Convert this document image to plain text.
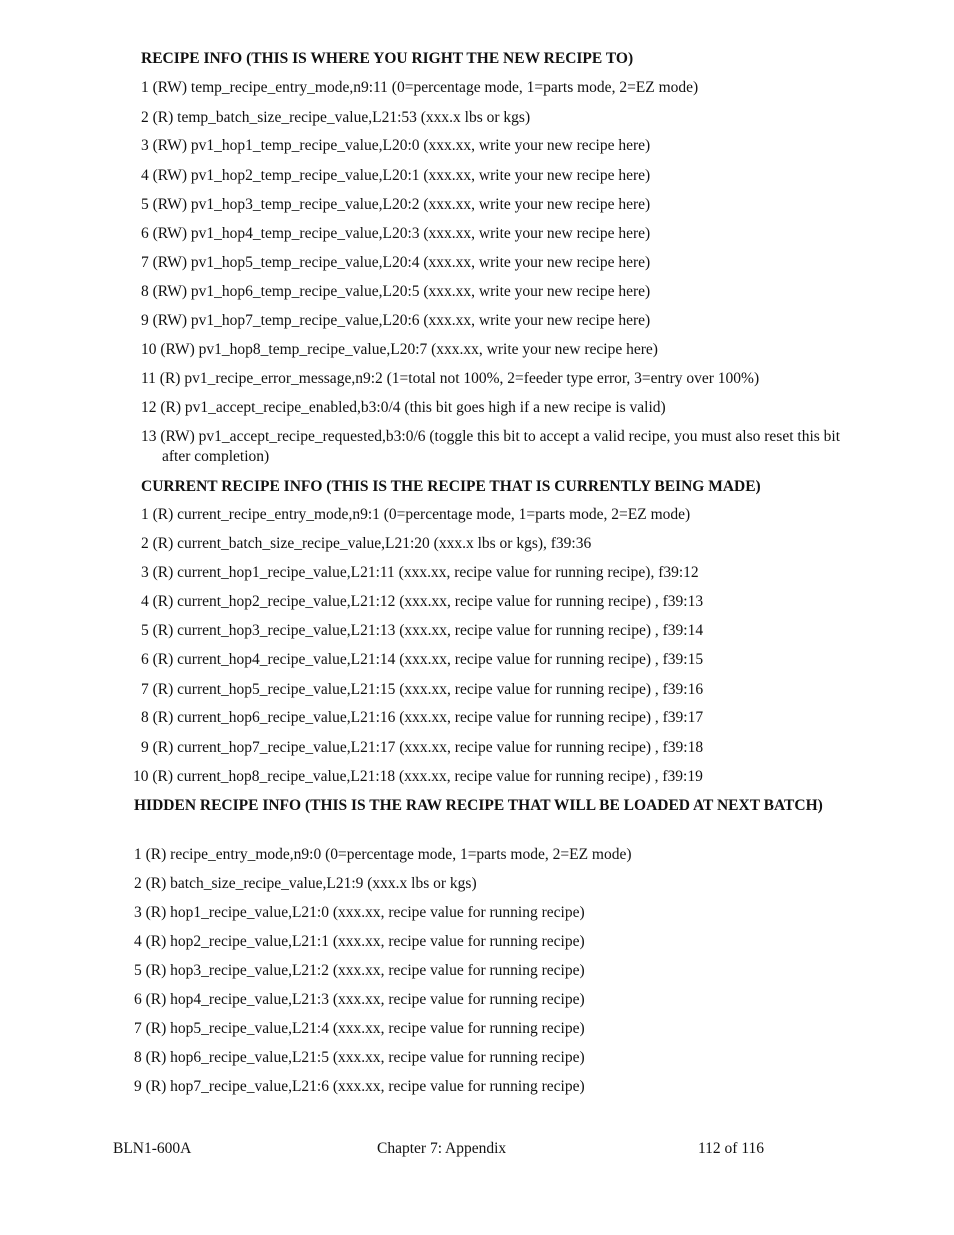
RECIPE INFO (THIS IS WHERE YOU RIGHT THE NEW RECIPE TO)
1 (RW) temp_recipe_entry_mode,n9:11 (0=percentage mode, 1=parts mode, 2=EZ mode)
2 (R) temp_batch_size_recipe_value,L21:53 (xxx.x lbs or kgs)
3 (RW) pv1_hop1_temp_recipe_value,L20:0 (xxx.xx, write your new recipe here)
4 (RW) pv1_hop2_temp_recipe_value,L20:1 (xxx.xx, write your new recipe here)
5 (RW) pv1_hop3_temp_recipe_value,L20:2 (xxx.xx, write your new recipe here)
6 (RW) pv1_hop4_temp_recipe_value,L20:3 (xxx.xx, write your new recipe here)
7 (RW) pv1_hop5_temp_recipe_value,L20:4 (xxx.xx, write your new recipe here)
8 (RW) pv1_hop6_temp_recipe_value,L20:5 (xxx.xx, write your new recipe here)
9 (RW) pv1_hop7_temp_recipe_value,L20:6 (xxx.xx, write your new recipe here)
10 (RW) pv1_hop8_temp_recipe_value,L20:7 (xxx.xx, write your new recipe here)
11 (R) pv1_recipe_error_message,n9:2 (1=total not 100%, 2=feeder type error, 3=entry over 100%)
12 (R) pv1_accept_recipe_enabled,b3:0/4 (this bit goes high if a new recipe is valid)
13 (RW) pv1_accept_recipe_requested,b3:0/6 (toggle this bit to accept a valid recipe, you must also reset this bit after completion)
CURRENT RECIPE INFO (THIS IS THE RECIPE THAT IS CURRENTLY BEING MADE)
1 (R) current_recipe_entry_mode,n9:1 (0=percentage mode, 1=parts mode, 2=EZ mode)
2 (R) current_batch_size_recipe_value,L21:20 (xxx.x lbs or kgs), f39:36
3 (R) current_hop1_recipe_value,L21:11 (xxx.xx, recipe value for running recipe), f39:12
4 (R) current_hop2_recipe_value,L21:12 (xxx.xx, recipe value for running recipe) , f39:13
5 (R) current_hop3_recipe_value,L21:13 (xxx.xx, recipe value for running recipe) , f39:14
6 (R) current_hop4_recipe_value,L21:14 (xxx.xx, recipe value for running recipe) , f39:15
7 (R) current_hop5_recipe_value,L21:15 (xxx.xx, recipe value for running recipe) , f39:16
8 (R) current_hop6_recipe_value,L21:16 (xxx.xx, recipe value for running recipe) , f39:17
9 (R) current_hop7_recipe_value,L21:17 (xxx.xx, recipe value for running recipe) , f39:18
10 (R) current_hop8_recipe_value,L21:18 (xxx.xx, recipe value for running recipe) , f39:19
HIDDEN RECIPE INFO (THIS IS THE RAW RECIPE THAT WILL BE LOADED AT NEXT BATCH)
1 (R) recipe_entry_mode,n9:0 (0=percentage mode, 1=parts mode, 2=EZ mode)
2 (R) batch_size_recipe_value,L21:9 (xxx.x lbs or kgs)
3 (R) hop1_recipe_value,L21:0 (xxx.xx, recipe value for running recipe)
4 (R) hop2_recipe_value,L21:1 (xxx.xx, recipe value for running recipe)
5 (R) hop3_recipe_value,L21:2 (xxx.xx, recipe value for running recipe)
6 (R) hop4_recipe_value,L21:3 (xxx.xx, recipe value for running recipe)
7 (R) hop5_recipe_value,L21:4 (xxx.xx, recipe value for running recipe)
8 (R) hop6_recipe_value,L21:5 (xxx.xx, recipe value for running recipe)
9 (R) hop7_recipe_value,L21:6 (xxx.xx, recipe value for running recipe)
BLN1-600A	Chapter 7: Appendix	112 of 116
